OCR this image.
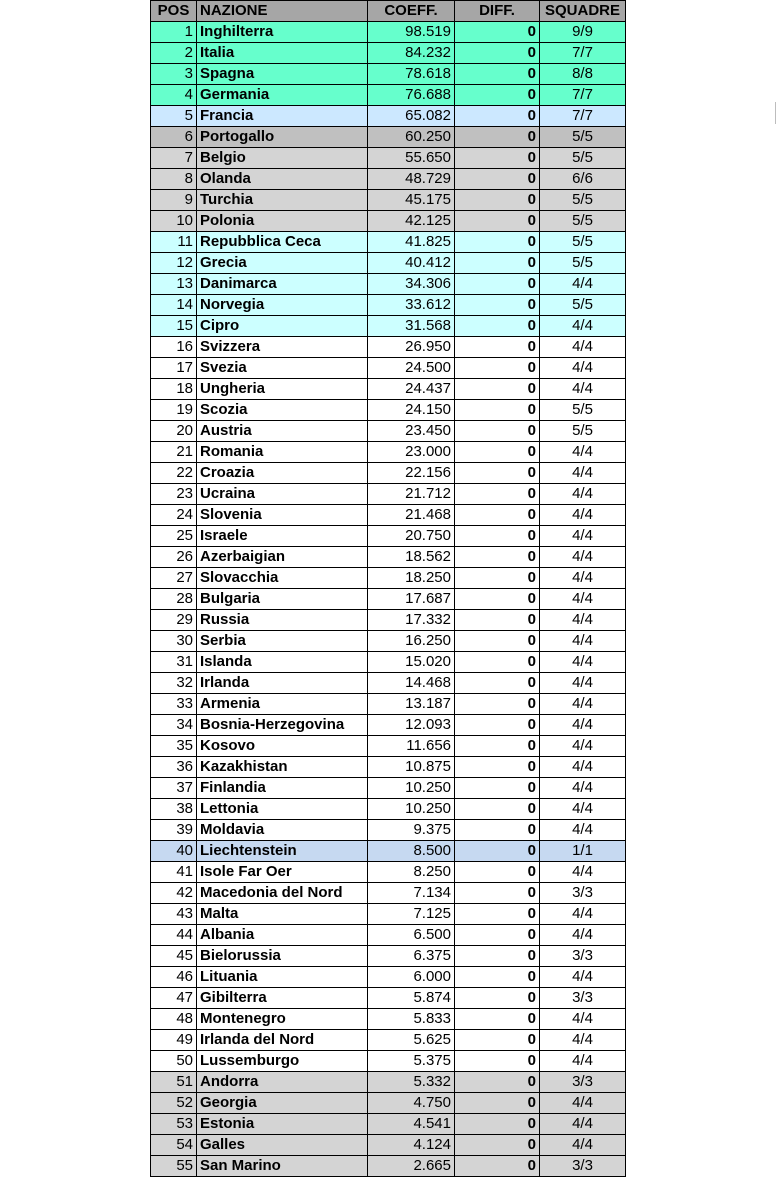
POS	NAZIONE	COEFF.	DIFF.	SQUADRE
1	Inghilterra	98.519	0	9/9
2	Italia	84.232	0	7/7
3	Spagna	78.618	0	8/8
4	Germania	76.688	0	7/7
5	Francia	65.082	0	7/7
6	Portogallo	60.250	0	5/5
7	Belgio	55.650	0	5/5
8	Olanda	48.729	0	6/6
9	Turchia	45.175	0	5/5
10	Polonia	42.125	0	5/5
11	Repubblica Ceca	41.825	0	5/5
12	Grecia	40.412	0	5/5
13	Danimarca	34.306	0	4/4
14	Norvegia	33.612	0	5/5
15	Cipro	31.568	0	4/4
16	Svizzera	26.950	0	4/4
17	Svezia	24.500	0	4/4
18	Ungheria	24.437	0	4/4
19	Scozia	24.150	0	5/5
20	Austria	23.450	0	5/5
21	Romania	23.000	0	4/4
22	Croazia	22.156	0	4/4
23	Ucraina	21.712	0	4/4
24	Slovenia	21.468	0	4/4
25	Israele	20.750	0	4/4
26	Azerbaigian	18.562	0	4/4
27	Slovacchia	18.250	0	4/4
28	Bulgaria	17.687	0	4/4
29	Russia	17.332	0	4/4
30	Serbia	16.250	0	4/4
31	Islanda	15.020	0	4/4
32	Irlanda	14.468	0	4/4
33	Armenia	13.187	0	4/4
34	Bosnia-Herzegovina	12.093	0	4/4
35	Kosovo	11.656	0	4/4
36	Kazakhistan	10.875	0	4/4
37	Finlandia	10.250	0	4/4
38	Lettonia	10.250	0	4/4
39	Moldavia	9.375	0	4/4
40	Liechtenstein	8.500	0	1/1
41	Isole Far Oer	8.250	0	4/4
42	Macedonia del Nord	7.134	0	3/3
43	Malta	7.125	0	4/4
44	Albania	6.500	0	4/4
45	Bielorussia	6.375	0	3/3
46	Lituania	6.000	0	4/4
47	Gibilterra	5.874	0	3/3
48	Montenegro	5.833	0	4/4
49	Irlanda del Nord	5.625	0	4/4
50	Lussemburgo	5.375	0	4/4
51	Andorra	5.332	0	3/3
52	Georgia	4.750	0	4/4
53	Estonia	4.541	0	4/4
54	Galles	4.124	0	4/4
55	San Marino	2.665	0	3/3
